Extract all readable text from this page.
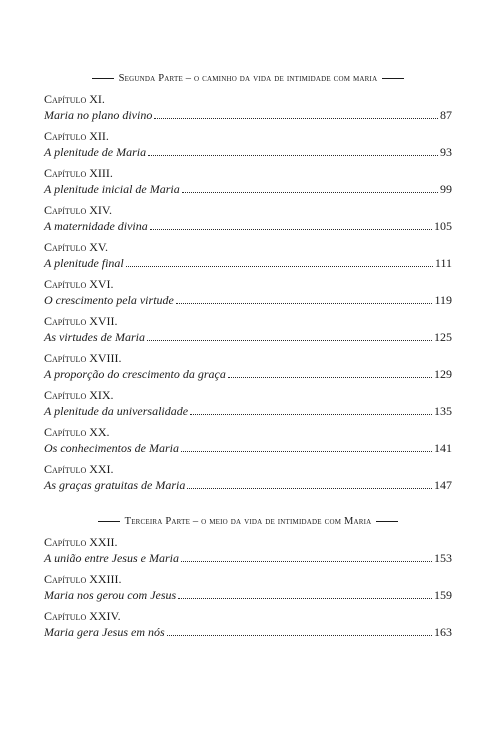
Segunda Parte – o caminho da vida de intimidade com maria
Capítulo XI.
Maria no plano divino	87
Capítulo XII.
A plenitude de Maria	93
Capítulo XIII.
A plenitude inicial de Maria	99
Capítulo XIV.
A maternidade divina	105
Capítulo XV.
A plenitude final	111
Capítulo XVI.
O crescimento pela virtude	119
Capítulo XVII.
As virtudes de Maria	125
Capítulo XVIII.
A proporção do crescimento da graça	129
Capítulo XIX.
A plenitude da universalidade	135
Capítulo XX.
Os conhecimentos de Maria	141
Capítulo XXI.
As graças gratuitas de Maria	147
Terceira Parte – o meio da vida de intimidade com Maria
Capítulo XXII.
A união entre Jesus e Maria	153
Capítulo XXIII.
Maria nos gerou com Jesus	159
Capítulo XXIV.
Maria gera Jesus em nós	163
